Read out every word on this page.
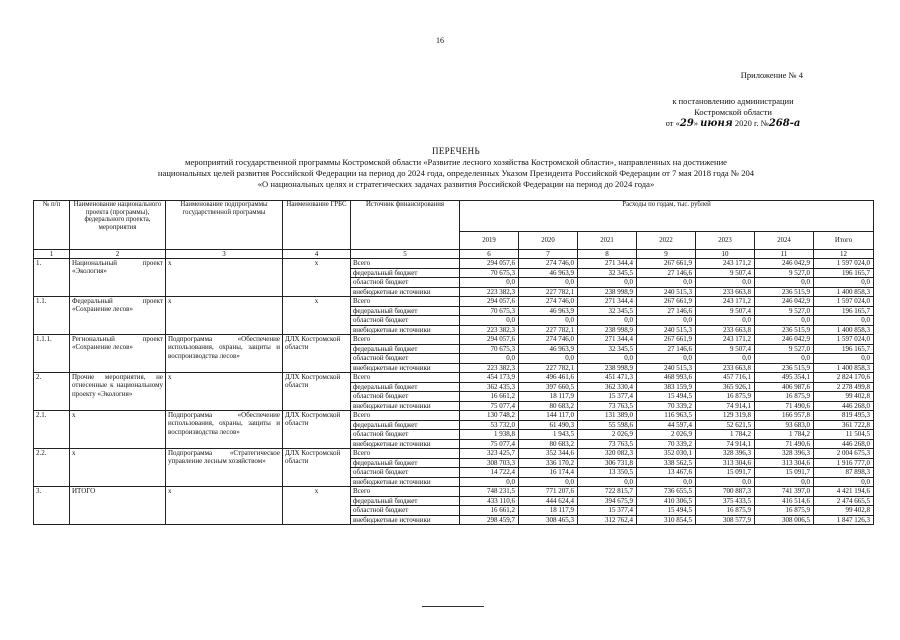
16
Приложение № 4
к постановлению администрации
Костромской области
от «29» июня 2020 г. №268-а
ПЕРЕЧЕНЬ
мероприятий государственной программы Костромской области «Развитие лесного хозяйства Костромской области», направленных на достижение
национальных целей развития Российской Федерации на период до 2024 года, определенных Указом Президента Российской Федерации от 7 мая 2018 года № 204
«О национальных целях и стратегических задачах развития Российской Федерации на период до 2024 года»
№ п/п	Наименование национального проекта (программы), федерального проекта, мероприятия	Наименование подпрограммы государственной программы	Наименование ГРБС	Источник финансирования	Расходы по годам, тыс. рублей						
					2019	2020	2021	2022	2023	2024	Итого
1	2	3	4	5	6	7	8	9	10	11	12
1.	Национальный проект «Экология»	х	х	Всего	294 057,6	274 746,0	271 344,4	267 661,9	243 171,2	246 042,9	1 597 024,0
				федеральный бюджет	70 675,3	46 963,9	32 345,5	27 146,6	9 507,4	9 527,0	196 165,7
				областной бюджет	0,0	0,0	0,0	0,0	0,0	0,0	0,0
				внебюджетные источники	223 382,3	227 782,1	238 998,9	240 515,3	233 663,8	236 515,9	1 400 858,3
1.1.	Федеральный проект «Сохранение лесов»	х	х	Всего	294 057,6	274 746,0	271 344,4	267 661,9	243 171,2	246 042,9	1 597 024,0
				федеральный бюджет	70 675,3	46 963,9	32 345,5	27 146,6	9 507,4	9 527,0	196 165,7
				областной бюджет	0,0	0,0	0,0	0,0	0,0	0,0	0,0
				внебюджетные источники	223 382,3	227 782,1	238 998,9	240 515,3	233 663,8	236 515,9	1 400 858,3
1.1.1.	Региональный проект «Сохранение лесов»	Подпрограмма «Обеспечение использования, охраны, защиты и воспроизводства лесов»	ДЛХ Костромской области	Всего	294 057,6	274 746,0	271 344,4	267 661,9	243 171,2	246 042,9	1 597 024,0
				федеральный бюджет	70 675,3	46 963,9	32 345,5	27 146,6	9 507,4	9 527,0	196 165,7
				областной бюджет	0,0	0,0	0,0	0,0	0,0	0,0	0,0
				внебюджетные источники	223 382,3	227 782,1	238 998,9	240 515,3	233 663,8	236 515,9	1 400 858,3
2.	Прочие мероприятия, не отнесенные к национальному проекту «Экология»	х	ДЛХ Костромской области	Всего	454 173,9	496 461,6	451 471,3	468 993,6	457 716,1	495 354,1	2 824 170,6
				федеральный бюджет	362 435,3	397 660,5	362 330,4	383 159,9	365 926,1	406 987,6	2 278 499,8
				областной бюджет	16 661,2	18 117,9	15 377,4	15 494,5	16 875,9	16 875,9	99 402,8
				внебюджетные источники	75 077,4	80 683,2	73 763,5	70 339,2	74 914,1	71 490,6	446 268,0
2.1.	х	Подпрограмма «Обеспечение использования, охраны, защиты и воспроизводства лесов»	ДЛХ Костромской области	Всего	130 748,2	144 117,0	131 389,0	116 963,5	129 319,8	166 957,8	819 495,3
				федеральный бюджет	53 732,0	61 490,3	55 598,6	44 597,4	52 621,5	93 683,0	361 722,8
				областной бюджет	1 938,8	1 943,5	2 026,9	2 026,9	1 784,2	1 784,2	11 504,5
				внебюджетные источники	75 077,4	80 683,2	73 763,5	70 339,2	74 914,1	71 490,6	446 268,0
2.2.	х	Подпрограмма «Стратегическое управление лесным хозяйством»	ДЛХ Костромской области	Всего	323 425,7	352 344,6	320 082,3	352 030,1	328 396,3	328 396,3	2 004 675,3
				федеральный бюджет	308 703,3	336 170,2	306 731,8	338 562,5	313 304,6	313 304,6	1 916 777,0
				областной бюджет	14 722,4	16 174,4	13 350,5	13 467,6	15 091,7	15 091,7	87 898,3
				внебюджетные источники	0,0	0,0	0,0	0,0	0,0	0,0	0,0
3.	ИТОГО	х	х	Всего	748 231,5	771 207,6	722 815,7	736 655,5	700 887,3	741 397,0	4 421 194,6
				федеральный бюджет	433 110,6	444 624,4	394 675,9	410 306,5	375 433,5	416 514,6	2 474 665,5
				областной бюджет	16 661,2	18 117,9	15 377,4	15 494,5	16 875,9	16 875,9	99 402,8
				внебюджетные источники	298 459,7	308 465,3	312 762,4	310 854,5	308 577,9	308 006,5	1 847 126,3
